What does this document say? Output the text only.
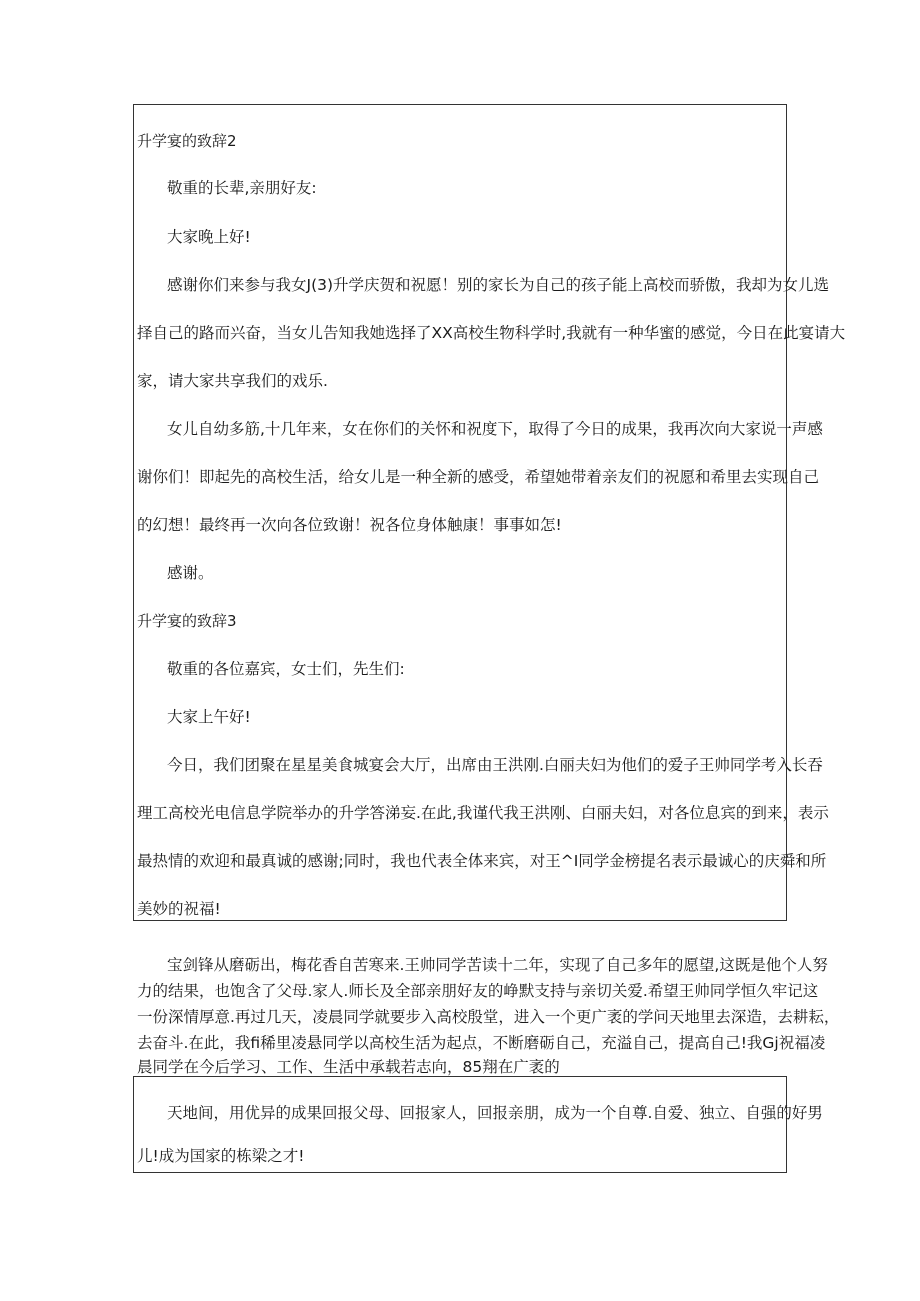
升学宴的致辞2
敬重的长辈,亲朋好友:
大家晚上好!
感谢你们来参与我女J(3)升学庆贺和祝愿！别的家长为自己的孩子能上高校而骄傲，我却为女儿选
择自己的路而兴奋，当女儿告知我她选择了XX高校生物科学时,我就有一种华蜜的感觉，今日在此宴请大
家，请大家共享我们的戏乐.
女儿自幼多筋,十几年来，女在你们的关怀和祝度下，取得了今日的成果，我再次向大家说一声感
谢你们！即起先的高校生活，给女儿是一种全新的感受，希望她带着亲友们的祝愿和希里去实现自己
的幻想！最终再一次向各位致谢！祝各位身体触康！事事如怎!
感谢。
升学宴的致辞3
敬重的各位嘉宾，女士们，先生们:
大家上午好!
今日，我们团聚在星星美食城宴会大厅，出席由王洪刚.白丽夫妇为他们的爱子王帅同学考入长吞
理工高校光电信息学院举办的升学答涕妄.在此,我谨代我王洪刚、白丽夫妇，对各位息宾的到来，表示
最热情的欢迎和最真诚的感谢;同时，我也代表全体来宾，对王^I同学金榜提名表示最诚心的庆舜和所
美妙的祝福!
宝剑锋从磨砺出，梅花香自苦寒来.王帅同学苦读十二年，实现了自己多年的愿望,这既是他个人努
力的结果，也饱含了父母.家人.师长及全部亲朋好友的峥默支持与亲切关爱.希望王帅同学恒久牢记这
一份深情厚意.再过几天，凌晨同学就要步入高校殷堂，进入一个更广袤的学问天地里去深造，去耕耘，
去奋斗.在此，我fi稀里凌悬同学以高校生活为起点，不断磨砺自己，充溢自己，提高自己!我Gj祝福凌
晨同学在今后学习、工作、生活中承载若志向，85翔在广袤的
天地间，用优异的成果回报父母、回报家人，回报亲朋，成为一个自尊.自爱、独立、自强的好男
儿!成为国家的栋梁之才!
